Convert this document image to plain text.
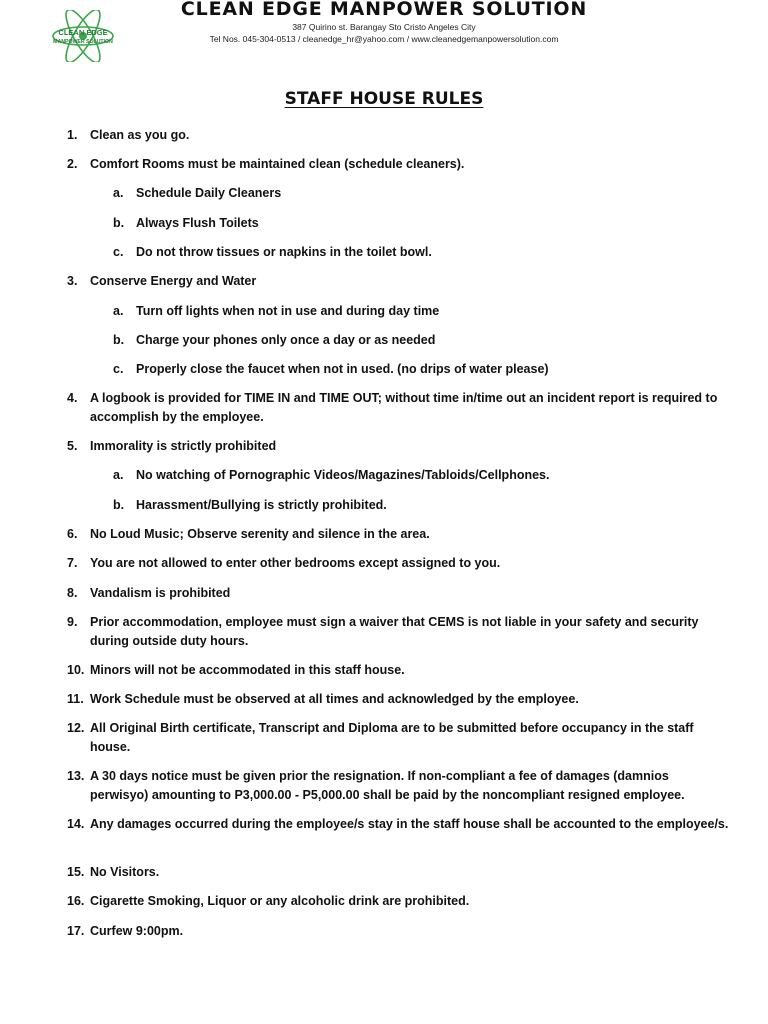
CLEAN EDGE
MANPOWER SOLUTION
CLEAN EDGE MANPOWER SOLUTION
387 Quirino st. Barangay Sto Cristo Angeles City
Tel Nos. 045-304-0513 / cleanedge_hr@yahoo.com / www.cleanedgemanpowersolution.com
STAFF HOUSE RULES
1.	Clean as you go.
2.	Comfort Rooms must be maintained clean (schedule cleaners).
a.	Schedule Daily Cleaners
b. Always Flush Toilets
c.	Do not throw tissues or napkins in the toilet bowl.
3.	Conserve Energy and Water
a.	Turn off lights when not in use and during day time
b. Charge your phones only once a day or as needed
c.	Properly close the faucet when not in used. (no drips of water please)
4.	A logbook is provided for TIME IN and TIME OUT; without time in/time out an incident report is required to accomplish by the employee.
5.	Immorality is strictly prohibited
a.	No watching of Pornographic Videos/Magazines/Tabloids/Cellphones.
b. Harassment/Bullying is strictly prohibited.
6.	No Loud Music; Observe serenity and silence in the area.
7.	You are not allowed to enter other bedrooms except assigned to you.
8.	Vandalism is prohibited
9.	Prior accommodation, employee must sign a waiver that CEMS is not liable in your safety and security during outside duty hours.
10. Minors will not be accommodated in this staff house.
11. Work Schedule must be observed at all times and acknowledged by the employee.
12. All Original Birth certificate, Transcript and Diploma are to be submitted before occupancy in the staff house.
13. A 30 days notice must be given prior the resignation. If non-compliant a fee of damages (damnios perwisyo) amounting to P3,000.00 - P5,000.00 shall be paid by the noncompliant resigned employee.
14. Any damages occurred during the employee/s stay in the staff house shall be accounted to the employee/s.
15. No Visitors.
16. Cigarette Smoking, Liquor or any alcoholic drink are prohibited.
17. Curfew 9:00pm.
